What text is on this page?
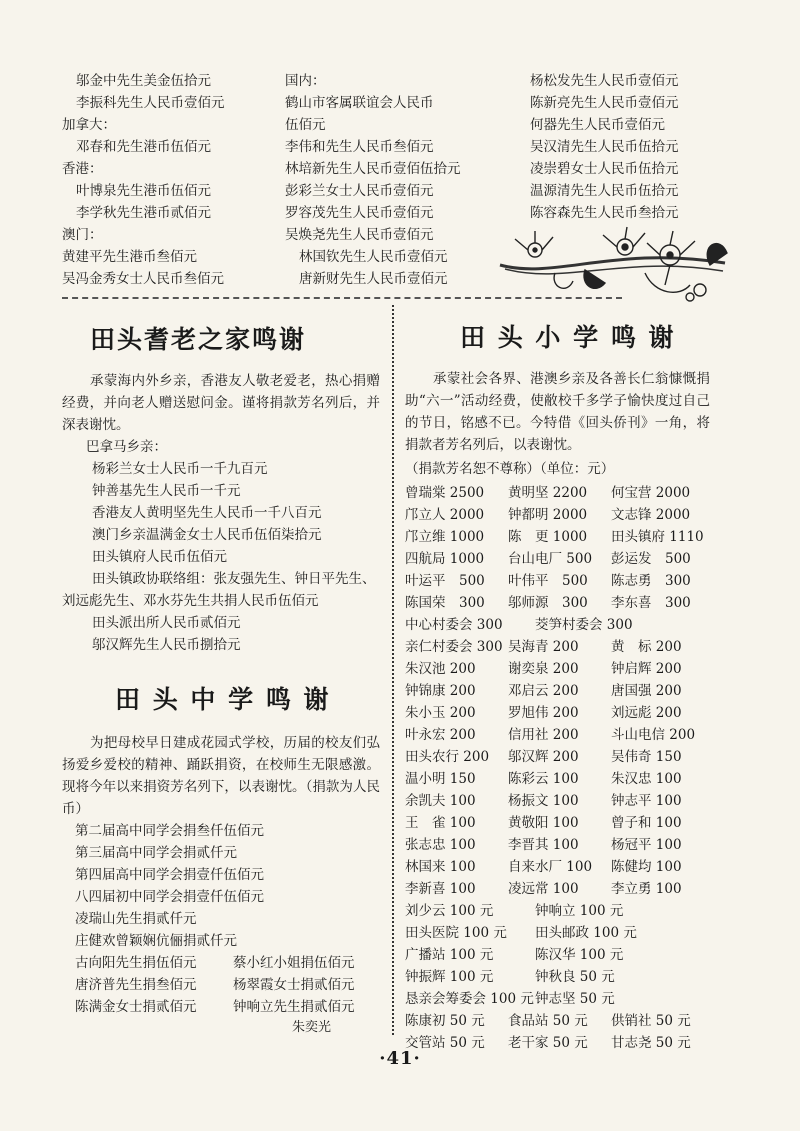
邬金中先生美金伍拾元
李振科先生人民币壹佰元
加拿大：
邓春和先生港币伍佰元
香港：
叶博泉先生港币伍佰元
李学秋先生港币贰佰元
澳门：
黄建平先生港币叁佰元
吴冯金秀女士人民币叁佰元
国内：
鹤山市客属联谊会人民币
伍佰元
李伟和先生人民币叁佰元
林培新先生人民币壹佰伍拾元
彭彩兰女士人民币壹佰元
罗容茂先生人民币壹佰元
吴焕尧先生人民币壹佰元
林国钦先生人民币壹佰元
唐新财先生人民币壹佰元
杨松发先生人民币壹佰元
陈新亮先生人民币壹佰元
何器先生人民币壹佰元
吴汉清先生人民币伍拾元
凌崇碧女士人民币伍拾元
温源清先生人民币伍拾元
陈容森先生人民币叁拾元
田头耆老之家鸣谢
承蒙海内外乡亲，香港友人敬老爱老，热心捐赠经费，并向老人赠送慰问金。谨将捐款芳名列后，并深表谢忱。
巴拿马乡亲：
杨彩兰女士人民币一千九百元
钟善基先生人民币一千元
香港友人黄明坚先生人民币一千八百元
澳门乡亲温满金女士人民币伍佰柒拾元
田头镇府人民币伍佰元
田头镇政协联络组：张友强先生、钟日平先生、刘远彪先生、邓水芬先生共捐人民币伍佰元
田头派出所人民币贰佰元
邬汉辉先生人民币捌拾元
田 头 中 学 鸣 谢
为把母校早日建成花园式学校，历届的校友们弘扬爱乡爱校的精神、踊跃捐资，在校师生无限感激。现将今年以来捐资芳名列下，以表谢忱。（捐款为人民币）
第二届高中同学会捐叁仟伍佰元
第三届高中同学会捐贰仟元
第四届高中同学会捐壹仟伍佰元
八四届初中同学会捐壹仟伍佰元
凌瑞山先生捐贰仟元
庄健欢曾颖娴伉俪捐贰仟元
古向阳先生捐伍佰元	蔡小红小姐捐伍佰元
唐济普先生捐叁佰元	杨翠霞女士捐贰佰元
陈满金女士捐贰佰元	钟响立先生捐贰佰元
朱奕光
田 头 小 学 鸣 谢
承蒙社会各界、港澳乡亲及各善长仁翁慷慨捐助“六一”活动经费，使敝校千多学子愉快度过自己的节日，铭感不已。今特借《回头侨刊》一角，将捐款者芳名列后，以表谢忱。
（捐款芳名恕不尊称）（单位：元）
曾瑞棠 2500	黄明坚 2200	何宝营 2000
邝立人 2000	钟都明 2000	文志锋 2000
邝立维 1000	陈　更 1000	田头镇府 1110
四航局 1000	台山电厂 500	彭运发　500
叶运平　500	叶伟平　500	陈志勇　300
陈国荣　300	邬师源　300	李东喜　300
中心村委会 300	茭笋村委会 300
亲仁村委会 300 吴海青 200	黄　标 200
朱汉池 200	谢奕泉 200	钟启辉 200
钟锦康 200	邓启云 200	唐国强 200
朱小玉 200	罗旭伟 200	刘远彪 200
叶永宏 200	信用社 200	斗山电信 200
田头农行 200	邬汉辉 200	吴伟奇 150
温小明 150	陈彩云 100	朱汉忠 100
余凯夫 100	杨振文 100	钟志平 100
王　雀 100	黄敬阳 100	曾子和 100
张志忠 100	李晋其 100	杨冠平 100
林国来 100	自来水厂 100	陈健均 100
李新喜 100	凌远常 100	李立勇 100
刘少云 100 元	钟响立 100 元
田头医院 100 元	田头邮政 100 元
广播站 100 元	陈汉华 100 元
钟振辉 100 元	钟秋良 50 元
恳亲会筹委会 100 元 钟志坚 50 元
陈康初 50 元	食品站 50 元	供销社 50 元
交管站 50 元	老干家 50 元	甘志尧 50 元
·41·
